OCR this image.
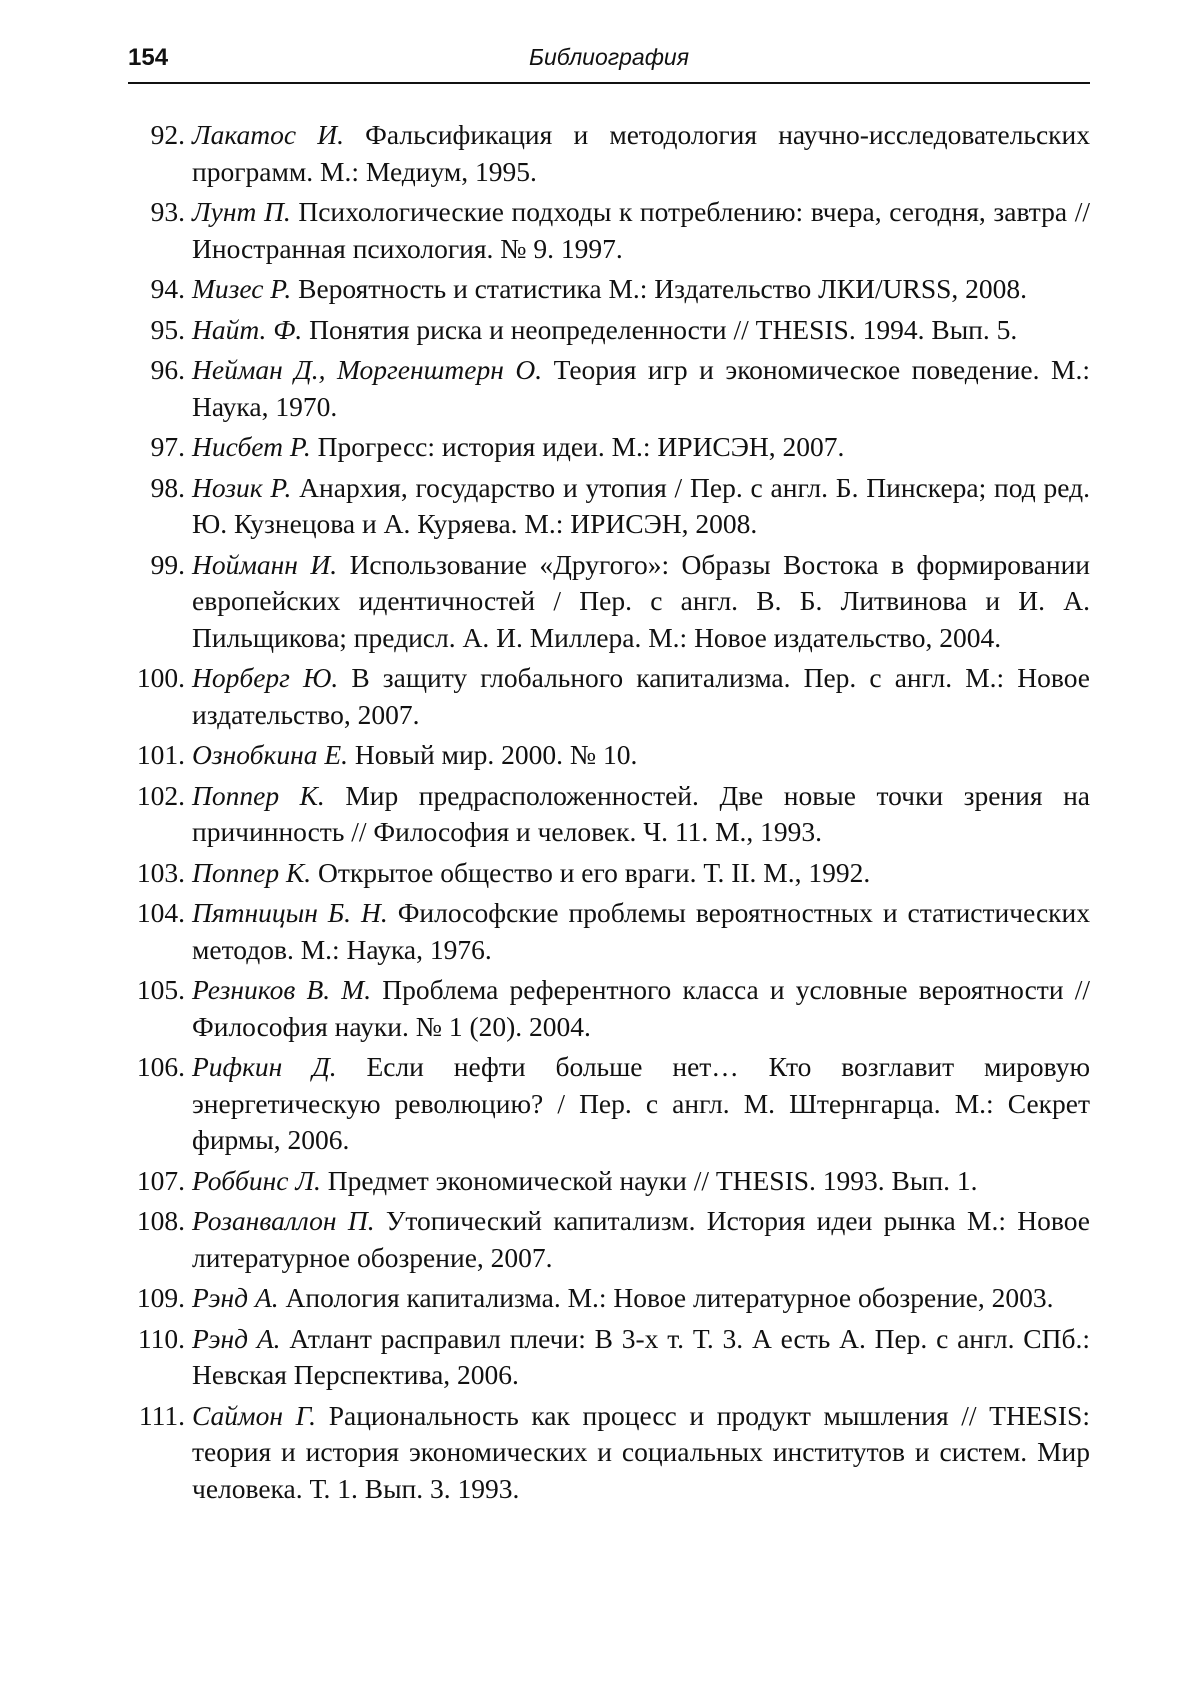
154	Библиография
92. Лакатос И. Фальсификация и методология научно-исследовательских программ. М.: Медиум, 1995.
93. Лунт П. Психологические подходы к потреблению: вчера, сегодня, завтра // Иностранная психология. № 9. 1997.
94. Мизес Р. Вероятность и статистика М.: Издательство ЛКИ/URSS, 2008.
95. Найт. Ф. Понятия риска и неопределенности // THESIS. 1994. Вып. 5.
96. Нейман Д., Моргенштерн О. Теория игр и экономическое поведение. М.: Наука, 1970.
97. Нисбет Р. Прогресс: история идеи. М.: ИРИСЭН, 2007.
98. Нозик Р. Анархия, государство и утопия / Пер. с англ. Б. Пинскера; под ред. Ю. Кузнецова и А. Куряева. М.: ИРИСЭН, 2008.
99. Нойманн И. Использование «Другого»: Образы Востока в формировании европейских идентичностей / Пер. с англ. В. Б. Литвинова и И. А. Пильщикова; предисл. А. И. Миллера. М.: Новое издательство, 2004.
100. Норберг Ю. В защиту глобального капитализма. Пер. с англ. М.: Новое издательство, 2007.
101. Ознобкина Е. Новый мир. 2000. № 10.
102. Поппер К. Мир предрасположенностей. Две новые точки зрения на причинность // Философия и человек. Ч. 11. М., 1993.
103. Поппер К. Открытое общество и его враги. Т. II. М., 1992.
104. Пятницын Б. Н. Философские проблемы вероятностных и статистических методов. М.: Наука, 1976.
105. Резников В. М. Проблема референтного класса и условные вероятности // Философия науки. № 1 (20). 2004.
106. Рифкин Д. Если нефти больше нет… Кто возглавит мировую энергетическую революцию? / Пер. с англ. М. Штернгарца. М.: Секрет фирмы, 2006.
107. Роббинс Л. Предмет экономической науки // THESIS. 1993. Вып. 1.
108. Розанваллон П. Утопический капитализм. История идеи рынка М.: Новое литературное обозрение, 2007.
109. Рэнд А. Апология капитализма. М.: Новое литературное обозрение, 2003.
110. Рэнд А. Атлант расправил плечи: В 3-х т. Т. 3. А есть А. Пер. с англ. СПб.: Невская Перспектива, 2006.
111. Саймон Г. Рациональность как процесс и продукт мышления // THESIS: теория и история экономических и социальных институтов и систем. Мир человека. Т. 1. Вып. 3. 1993.
